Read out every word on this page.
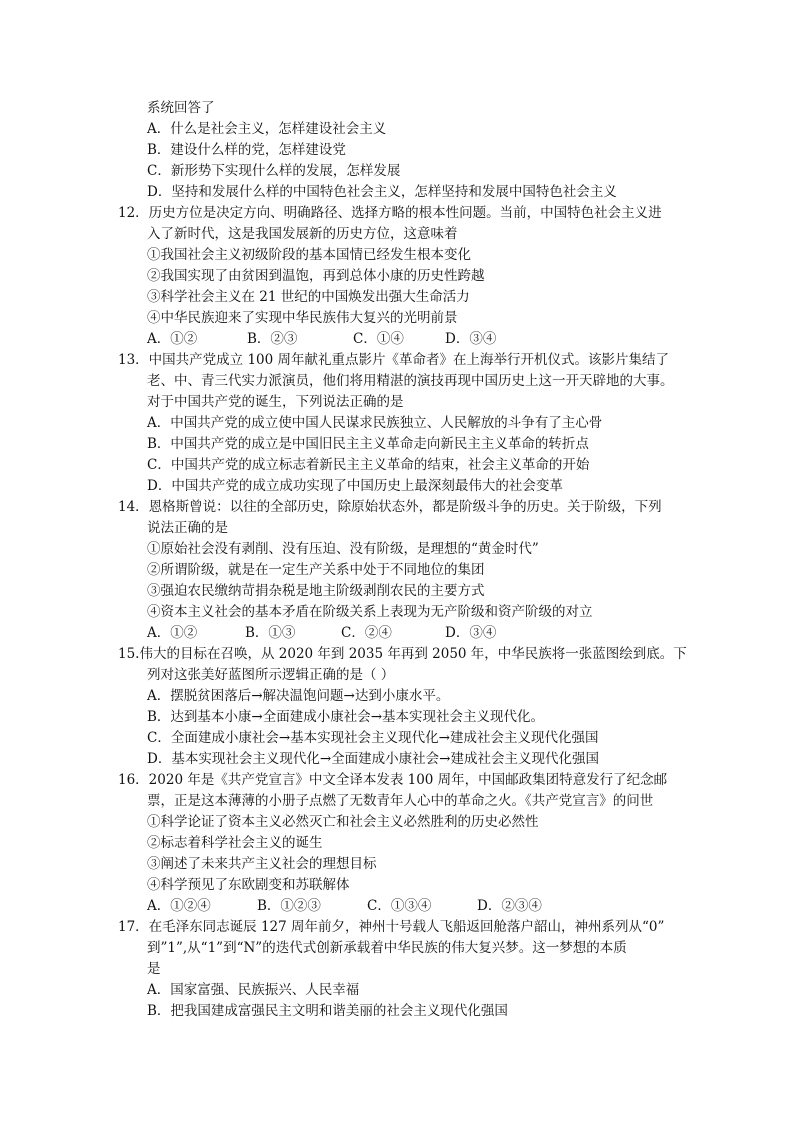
系统回答了
A．什么是社会主义，怎样建设社会主义
B．建设什么样的党，怎样建设党
C．新形势下实现什么样的发展，怎样发展
D．坚持和发展什么样的中国特色社会主义，怎样坚持和发展中国特色社会主义
12．历史方位是决定方向、明确路径、选择方略的根本性问题。当前，中国特色社会主义进
入了新时代，这是我国发展新的历史方位，这意味着
①我国社会主义初级阶段的基本国情已经发生根本变化
②我国实现了由贫困到温饱，再到总体小康的历史性跨越
③科学社会主义在 21 世纪的中国焕发出强大生命活力
④中华民族迎来了实现中华民族伟大复兴的光明前景
A．①②	B．②③	C．①④	D．③④
13．中国共产党成立 100 周年献礼重点影片《革命者》在上海举行开机仪式。该影片集结了
老、中、青三代实力派演员，他们将用精湛的演技再现中国历史上这一开天辟地的大事。
对于中国共产党的诞生，下列说法正确的是
A．中国共产党的成立使中国人民谋求民族独立、人民解放的斗争有了主心骨
B．中国共产党的成立是中国旧民主主义革命走向新民主主义革命的转折点
C．中国共产党的成立标志着新民主主义革命的结束，社会主义革命的开始
D．中国共产党的成立成功实现了中国历史上最深刻最伟大的社会变革
14．恩格斯曾说：以往的全部历史，除原始状态外，都是阶级斗争的历史。关于阶级，下列
说法正确的是
①原始社会没有剥削、没有压迫、没有阶级，是理想的“黄金时代”
②所谓阶级，就是在一定生产关系中处于不同地位的集团
③强迫农民缴纳苛捐杂税是地主阶级剥削农民的主要方式
④资本主义社会的基本矛盾在阶级关系上表现为无产阶级和资产阶级的对立
A．①②	B．①③	C．②④	D．③④
15.伟大的目标在召唤，从 2020 年到 2035 年再到 2050 年，中华民族将一张蓝图绘到底。下
列对这张美好蓝图所示逻辑正确的是（ ）
A．摆脱贫困落后→解决温饱问题→达到小康水平。
B．达到基本小康→全面建成小康社会→基本实现社会主义现代化。
C．全面建成小康社会→基本实现社会主义现代化→建成社会主义现代化强国
D．基本实现社会主义现代化→全面建成小康社会→建成社会主义现代化强国
16．2020 年是《共产党宣言》中文全译本发表 100 周年，中国邮政集团特意发行了纪念邮
票，正是这本薄薄的小册子点燃了无数青年人心中的革命之火。《共产党宣言》的问世
①科学论证了资本主义必然灭亡和社会主义必然胜利的历史必然性
②标志着科学社会主义的诞生
③阐述了未来共产主义社会的理想目标
④科学预见了东欧剧变和苏联解体
A．①②④	B．①②③	C．①③④	D．②③④
17．在毛泽东同志诞辰 127 周年前夕，神州十号载人飞船返回舱落户韶山，神州系列从“0”
到”1”,从“1”到“N”的迭代式创新承载着中华民族的伟大复兴梦。这一梦想的本质
是
A．国家富强、民族振兴、人民幸福
B．把我国建成富强民主文明和谐美丽的社会主义现代化强国
